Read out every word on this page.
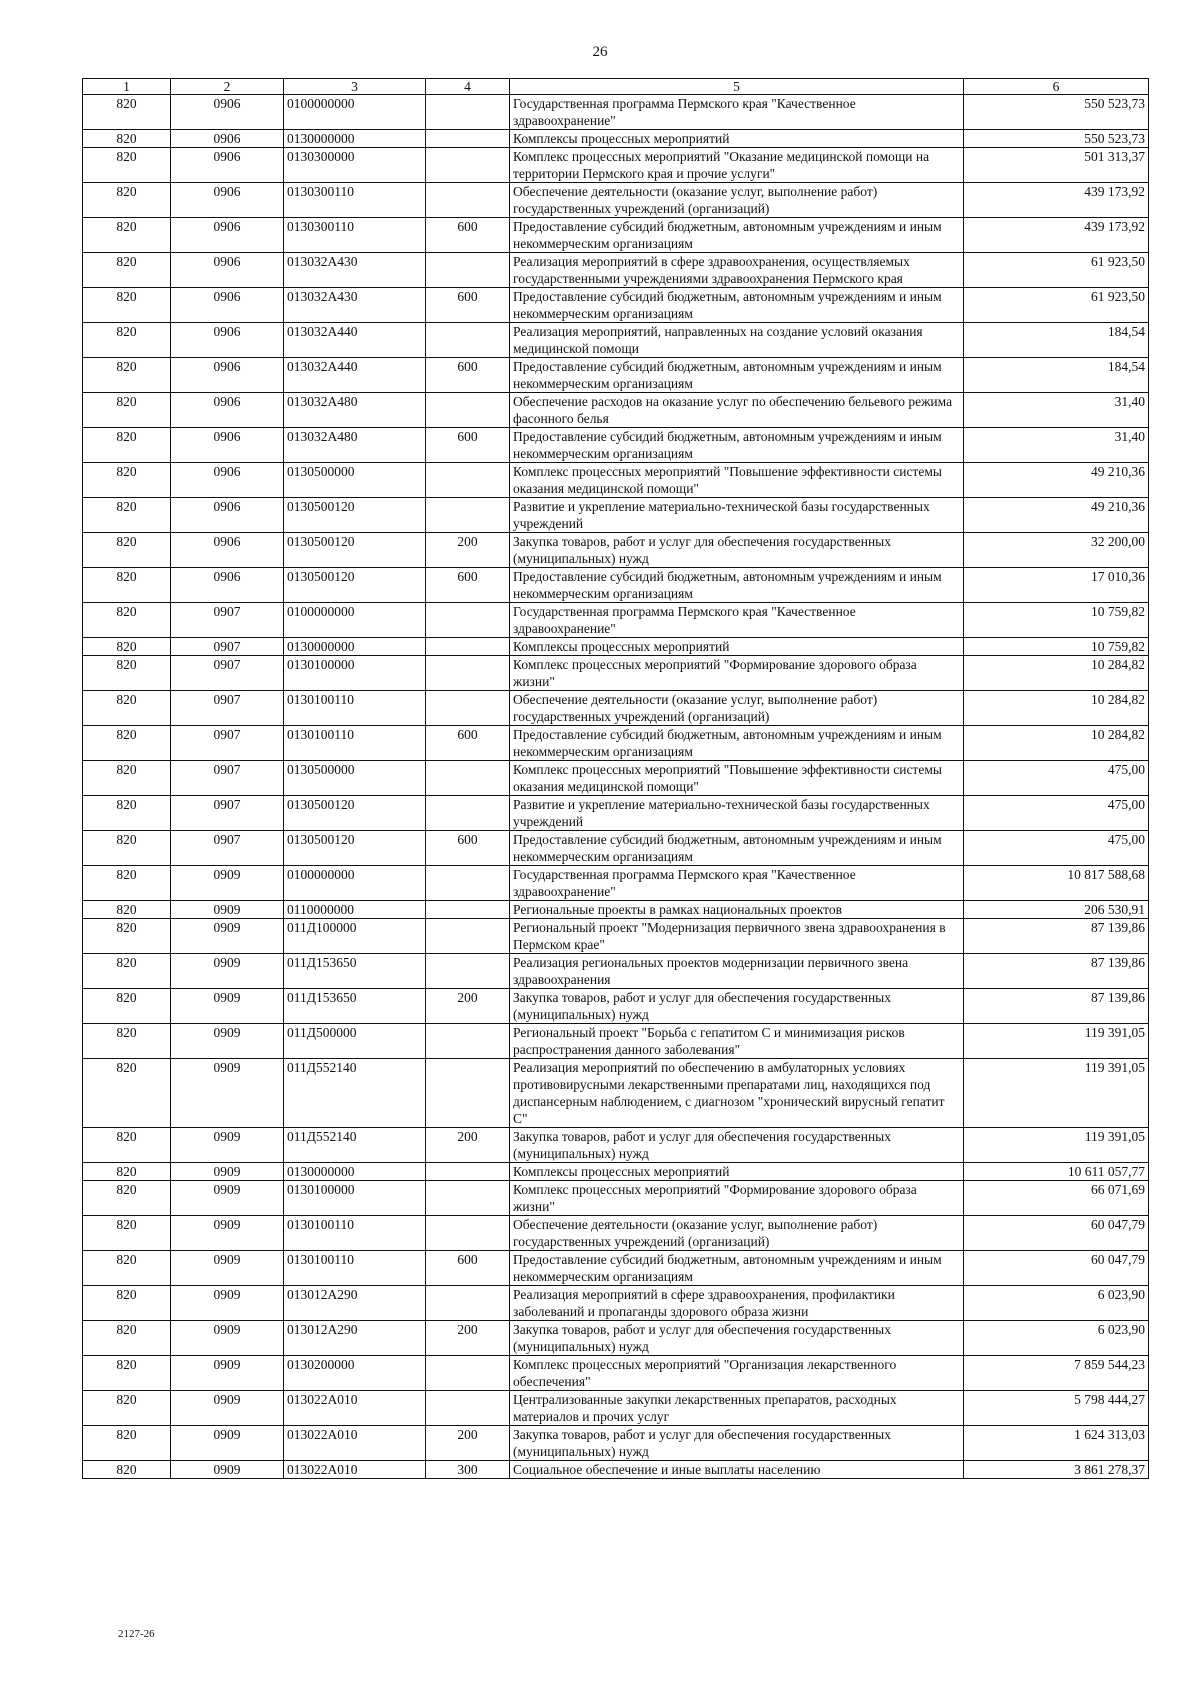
26
1	2	3	4	5	6
820	0906	0100000000		Государственная программа Пермского края "Качественное здравоохранение"	550 523,73
820	0906	0130000000		Комплексы процессных мероприятий	550 523,73
820	0906	0130300000		Комплекс процессных мероприятий "Оказание медицинской помощи на территории Пермского края и прочие услуги"	501 313,37
820	0906	0130300110		Обеспечение деятельности (оказание услуг, выполнение работ) государственных учреждений (организаций)	439 173,92
820	0906	0130300110	600	Предоставление субсидий бюджетным, автономным учреждениям и иным некоммерческим организациям	439 173,92
820	0906	013032А430		Реализация мероприятий в сфере здравоохранения, осуществляемых государственными учреждениями здравоохранения Пермского края	61 923,50
820	0906	013032А430	600	Предоставление субсидий бюджетным, автономным учреждениям и иным некоммерческим организациям	61 923,50
820	0906	013032А440		Реализация мероприятий, направленных на создание условий оказания медицинской помощи	184,54
820	0906	013032А440	600	Предоставление субсидий бюджетным, автономным учреждениям и иным некоммерческим организациям	184,54
820	0906	013032А480		Обеспечение расходов на оказание услуг по обеспечению бельевого режима фасонного белья	31,40
820	0906	013032А480	600	Предоставление субсидий бюджетным, автономным учреждениям и иным некоммерческим организациям	31,40
820	0906	0130500000		Комплекс процессных мероприятий "Повышение эффективности системы оказания медицинской помощи"	49 210,36
820	0906	0130500120		Развитие и укрепление материально-технической базы государственных учреждений	49 210,36
820	0906	0130500120	200	Закупка товаров, работ и услуг для обеспечения государственных (муниципальных) нужд	32 200,00
820	0906	0130500120	600	Предоставление субсидий бюджетным, автономным учреждениям и иным некоммерческим организациям	17 010,36
820	0907	0100000000		Государственная программа Пермского края "Качественное здравоохранение"	10 759,82
820	0907	0130000000		Комплексы процессных мероприятий	10 759,82
820	0907	0130100000		Комплекс процессных мероприятий "Формирование здорового образа жизни"	10 284,82
820	0907	0130100110		Обеспечение деятельности (оказание услуг, выполнение работ) государственных учреждений (организаций)	10 284,82
820	0907	0130100110	600	Предоставление субсидий бюджетным, автономным учреждениям и иным некоммерческим организациям	10 284,82
820	0907	0130500000		Комплекс процессных мероприятий "Повышение эффективности системы оказания медицинской помощи"	475,00
820	0907	0130500120		Развитие и укрепление материально-технической базы государственных учреждений	475,00
820	0907	0130500120	600	Предоставление субсидий бюджетным, автономным учреждениям и иным некоммерческим организациям	475,00
820	0909	0100000000		Государственная программа Пермского края "Качественное здравоохранение"	10 817 588,68
820	0909	0110000000		Региональные проекты в рамках национальных проектов	206 530,91
820	0909	011Д100000		Региональный проект "Модернизация первичного звена здравоохранения в Пермском крае"	87 139,86
820	0909	011Д153650		Реализация региональных проектов модернизации первичного звена здравоохранения	87 139,86
820	0909	011Д153650	200	Закупка товаров, работ и услуг для обеспечения государственных (муниципальных) нужд	87 139,86
820	0909	011Д500000		Региональный проект "Борьба с гепатитом С и минимизация рисков распространения данного заболевания"	119 391,05
820	0909	011Д552140		Реализация мероприятий по обеспечению в амбулаторных условиях противовирусными лекарственными препаратами лиц, находящихся под диспансерным наблюдением, с диагнозом "хронический вирусный гепатит С"	119 391,05
820	0909	011Д552140	200	Закупка товаров, работ и услуг для обеспечения государственных (муниципальных) нужд	119 391,05
820	0909	0130000000		Комплексы процессных мероприятий	10 611 057,77
820	0909	0130100000		Комплекс процессных мероприятий "Формирование здорового образа жизни"	66 071,69
820	0909	0130100110		Обеспечение деятельности (оказание услуг, выполнение работ) государственных учреждений (организаций)	60 047,79
820	0909	0130100110	600	Предоставление субсидий бюджетным, автономным учреждениям и иным некоммерческим организациям	60 047,79
820	0909	013012А290		Реализация мероприятий в сфере здравоохранения, профилактики заболеваний и пропаганды здорового образа жизни	6 023,90
820	0909	013012А290	200	Закупка товаров, работ и услуг для обеспечения государственных (муниципальных) нужд	6 023,90
820	0909	0130200000		Комплекс процессных мероприятий "Организация лекарственного обеспечения"	7 859 544,23
820	0909	013022А010		Централизованные закупки лекарственных препаратов, расходных материалов и прочих услуг	5 798 444,27
820	0909	013022А010	200	Закупка товаров, работ и услуг для обеспечения государственных (муниципальных) нужд	1 624 313,03
820	0909	013022А010	300	Социальное обеспечение и иные выплаты населению	3 861 278,37
2127-26
